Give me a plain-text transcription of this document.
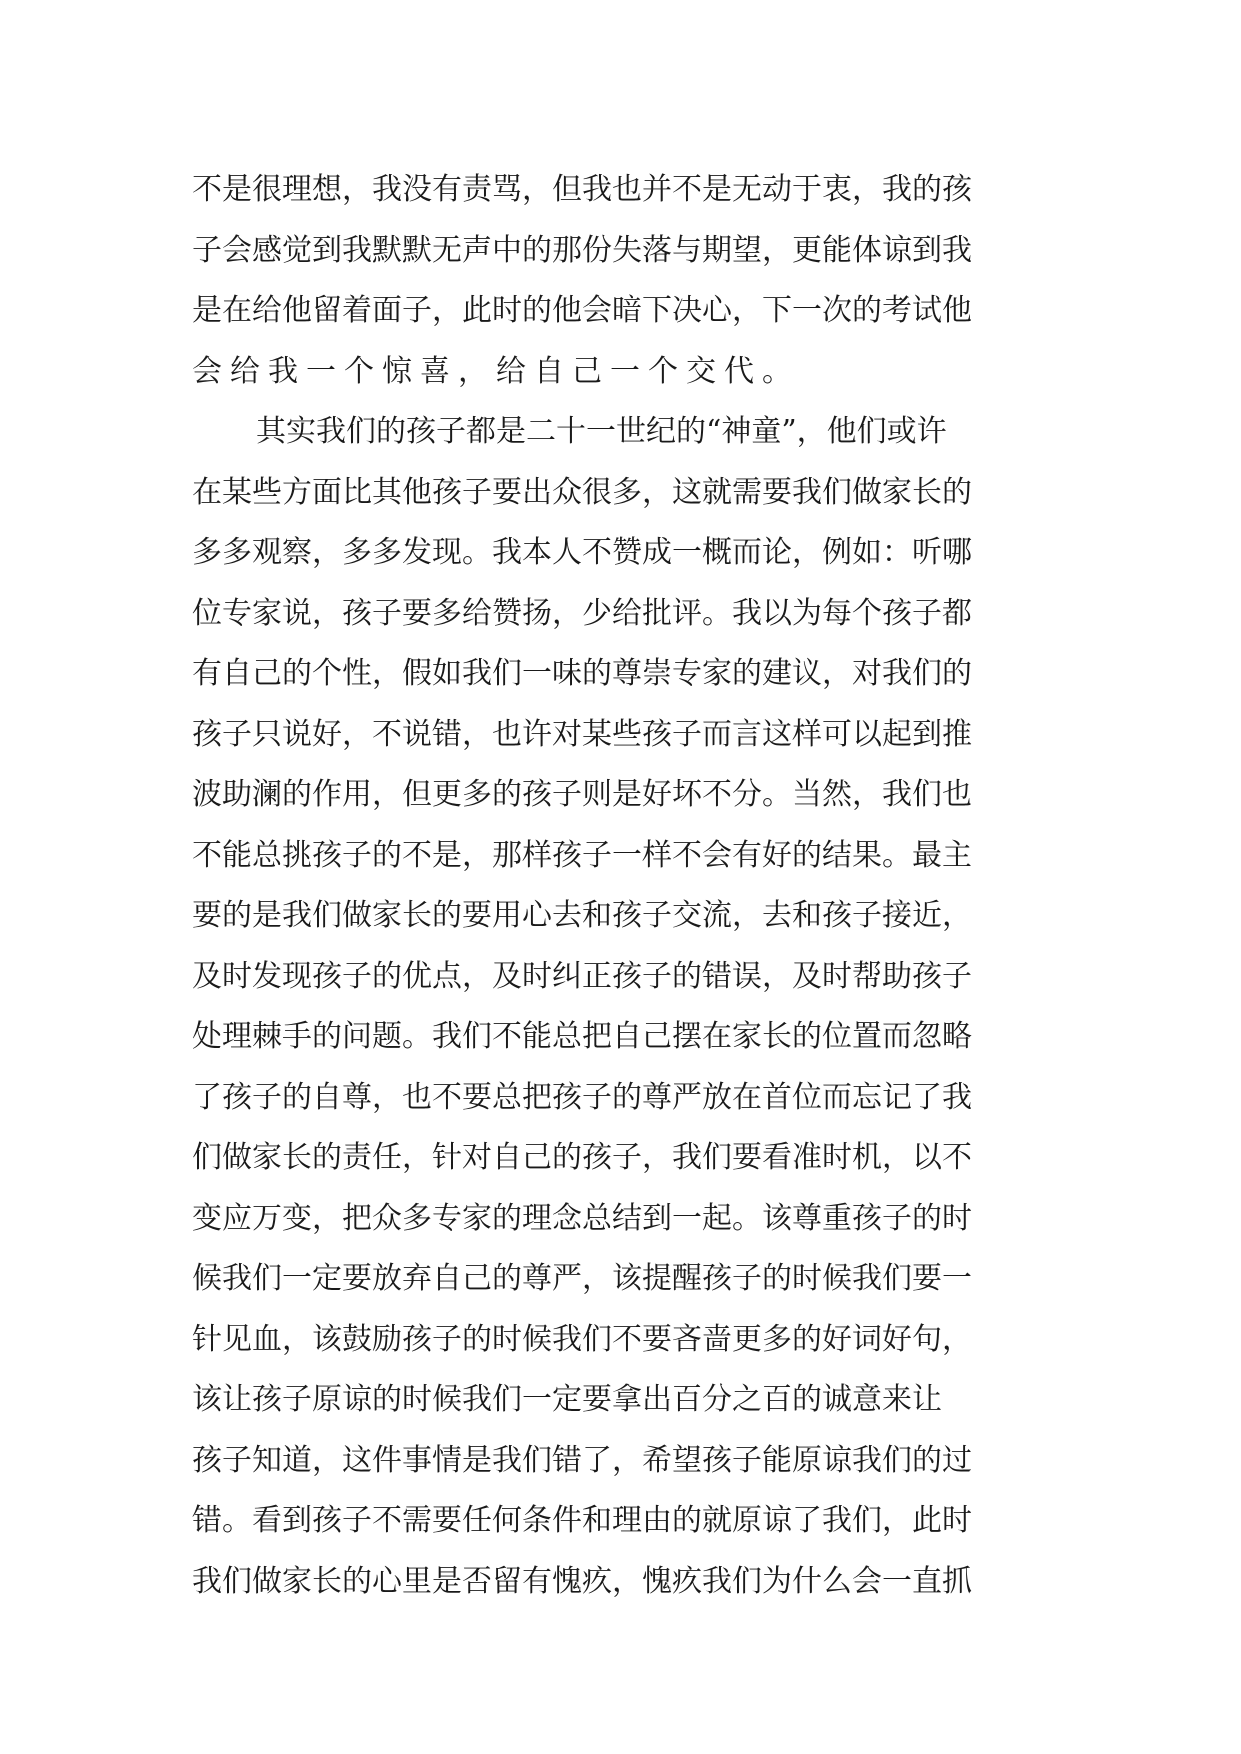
不是很理想，我没有责骂，但我也并不是无动于衷，我的孩
子会感觉到我默默无声中的那份失落与期望，更能体谅到我
是在给他留着面子，此时的他会暗下决心，下一次的考试他
会给我一个惊喜，给自己一个交代。
其实我们的孩子都是二十一世纪的“神童”，他们或许
在某些方面比其他孩子要出众很多，这就需要我们做家长的
多多观察，多多发现。我本人不赞成一概而论，例如：听哪
位专家说，孩子要多给赞扬，少给批评。我以为每个孩子都
有自己的个性，假如我们一味的尊崇专家的建议，对我们的
孩子只说好，不说错，也许对某些孩子而言这样可以起到推
波助澜的作用，但更多的孩子则是好坏不分。当然，我们也
不能总挑孩子的不是，那样孩子一样不会有好的结果。最主
要的是我们做家长的要用心去和孩子交流，去和孩子接近，
及时发现孩子的优点，及时纠正孩子的错误，及时帮助孩子
处理棘手的问题。我们不能总把自己摆在家长的位置而忽略
了孩子的自尊，也不要总把孩子的尊严放在首位而忘记了我
们做家长的责任，针对自己的孩子，我们要看准时机，以不
变应万变，把众多专家的理念总结到一起。该尊重孩子的时
候我们一定要放弃自己的尊严，该提醒孩子的时候我们要一
针见血，该鼓励孩子的时候我们不要吝啬更多的好词好句，
该让孩子原谅的时候我们一定要拿出百分之百的诚意来让
孩子知道，这件事情是我们错了，希望孩子能原谅我们的过
错。看到孩子不需要任何条件和理由的就原谅了我们，此时
我们做家长的心里是否留有愧疚，愧疚我们为什么会一直抓
